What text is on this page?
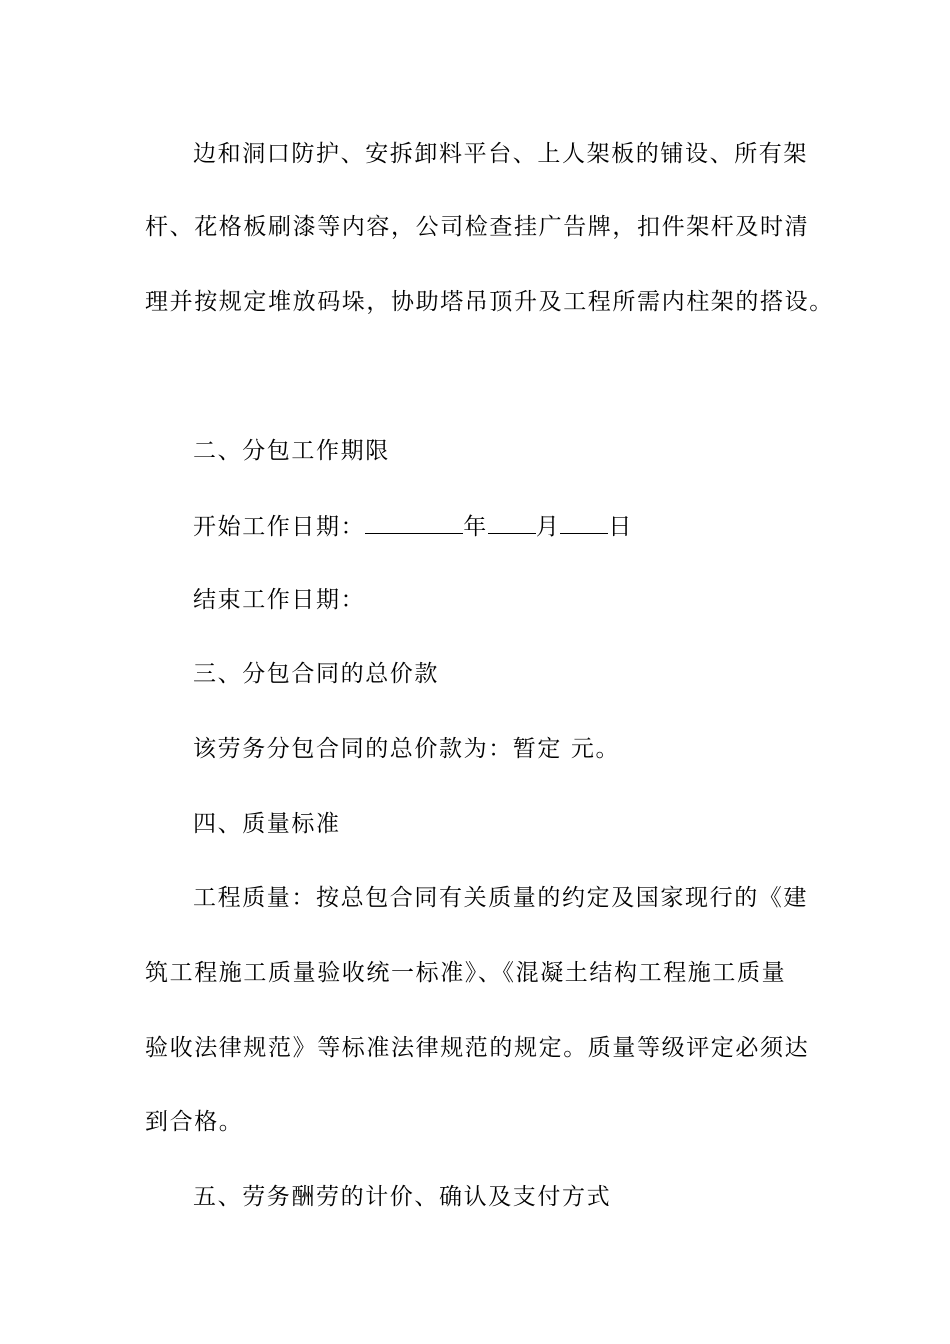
边和洞口防护、安拆卸料平台、上人架板的铺设、所有架
杆、花格板刷漆等内容，公司检查挂广告牌，扣件架杆及时清
理并按规定堆放码垛，协助塔吊顶升及工程所需内柱架的搭设。
二、分包工作期限
开始工作日期：	年 月 日
结束工作日期：
三、分包合同的总价款
该劳务分包合同的总价款为：暂定 元。
四、质量标准
工程质量：按总包合同有关质量的约定及国家现行的《建
筑工程施工质量验收统一标准》、《混凝土结构工程施工质量
验收法律规范》等标准法律规范的规定。质量等级评定必须达
到合格。
五、劳务酬劳的计价、确认及支付方式
